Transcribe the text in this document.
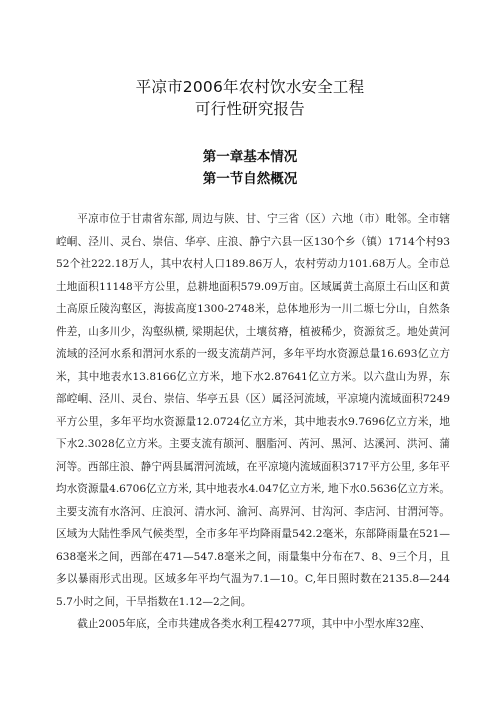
平凉市2006年农村饮水安全工程
可行性研究报告
第一章基本情况
第一节自然概况

平凉市位于甘肃省东部, 周边与陕、甘、宁三省（区）六地（市）毗邻。全市辖崆峒、泾川、灵台、崇信、华亭、庄浪、静宁六县一区130个乡（镇）1714个村9352个社222.18万人，其中农村人口189.86万人，农村劳动力101.68万人。全市总土地面积11148平方公里，总耕地面积579.09万亩。区域属黄土高原土石山区和黄土高原丘陵沟壑区，海拔高度1300-2748米，总体地形为一川二塬七分山，自然条件差，山多川少，沟壑纵横, 梁期起伏，土壤贫瘠，植被稀少，资源贫乏。地处黄河流域的泾河水系和渭河水系的一级支流葫芦河，多年平均水资源总量16.693亿立方米，其中地表水13.8166亿立方米，地下水2.87641亿立方米。以六盘山为界，东部崆峒、泾川、灵台、崇信、华亭五县（区）属泾河流域，平凉境内流域面积7249平方公里，多年平均水资源量12.0724亿立方米，其中地表水9.7696亿立方米，地下水2.3028亿立方米。主要支流有颉河、胭脂河、芮河、黑河、达溪河、洪河、蒲河等。西部庄浪、静宁两县属渭河流域，在平凉境内流域面积3717平方公里, 多年平均水资源量4.6706亿立方米, 其中地表水4.047亿立方米, 地下水0.5636亿立方米。主要支流有水洛河、庄浪河、清水河、渝河、高界河、甘沟河、李店河、甘渭河等。区域为大陆性季风气候类型，全市多年平均降雨量542.2毫米，东部降雨量在521—638毫米之间，西部在471—547.8毫米之间，雨量集中分布在7、8、9三个月，且多以暴雨形式出现。区域多年平均气温为7.1—10。C,年日照时数在2135.8—2445.7小时之间，干旱指数在1.12—2之间。

截止2005年底，全市共建成各类水利工程4277项，其中中小型水库32座、
